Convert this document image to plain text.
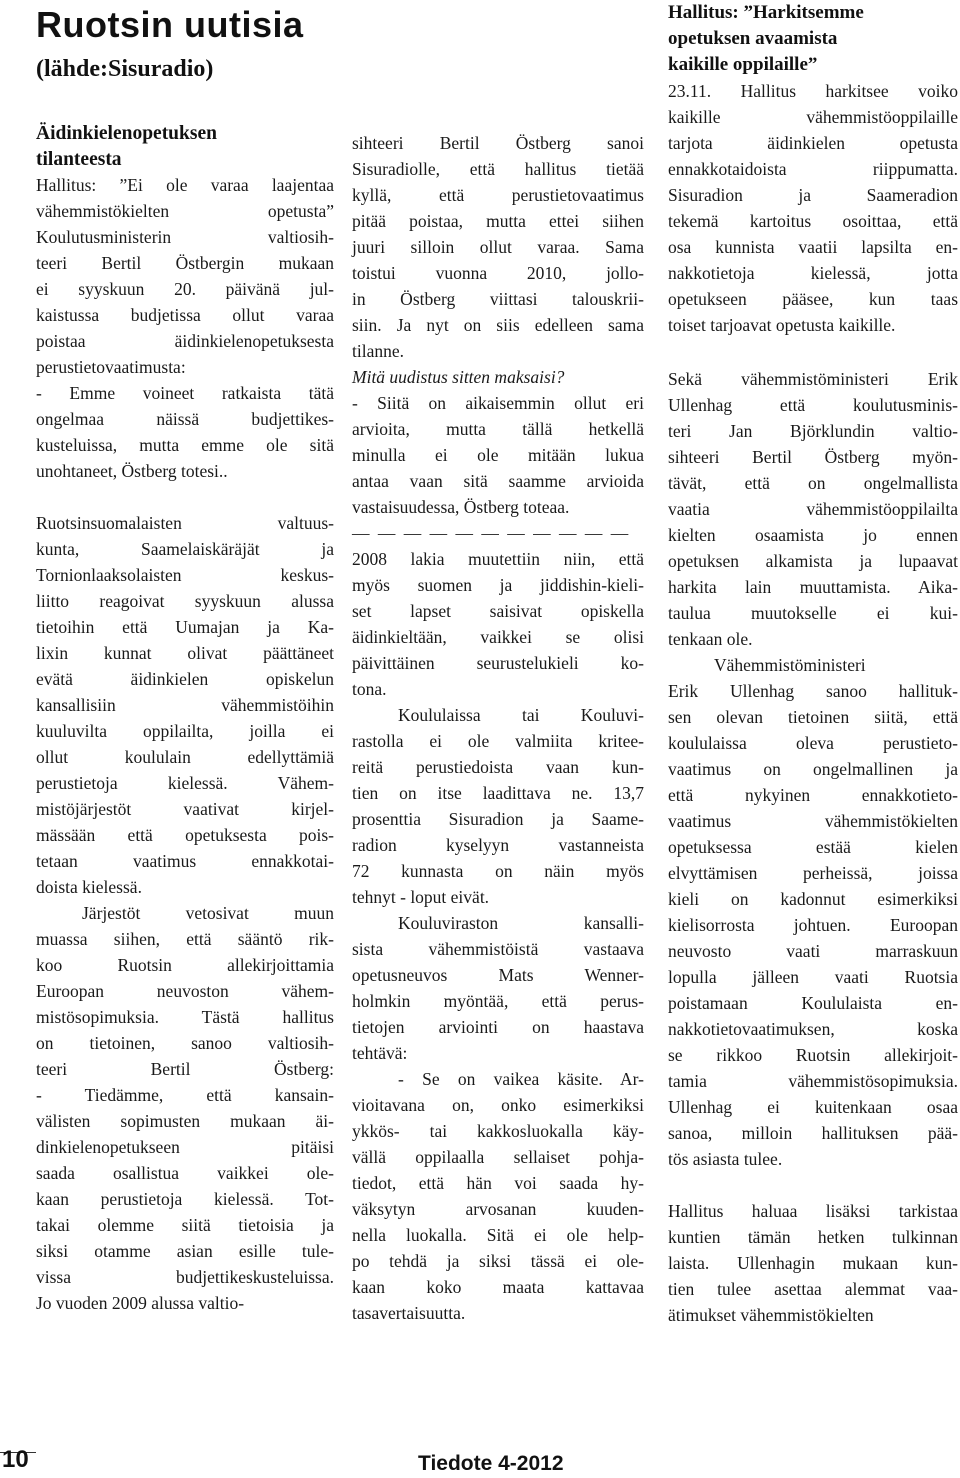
Ruotsin uutisia
(lähde:Sisuradio)

Äidinkielenopetuksen
tilanteesta

Hallitus: ”Ei ole varaa laajentaa
vähemmistökielten opetusta”
Koulutusministerin valtiosih-
teeri Bertil Östbergin mukaan
ei syyskuun 20. päivänä jul-
kaistussa budjetissa ollut varaa
poistaa äidinkielenopetuksesta
perustietovaatimusta:
- Emme voineet ratkaista tätä
ongelmaa näissä budjettikes-
kusteluissa, mutta emme ole sitä
unohtaneet, Östberg totesi..
Ruotsinsuomalaisten valtuus-
kunta, Saamelaiskäräjät ja
Tornionlaaksolaisten keskus-
liitto reagoivat syyskuun alussa
tietoihin että Uumajan ja Ka-
lixin kunnat olivat päättäneet
evätä äidinkielen opiskelun
kansallisiin vähemmistöihin
kuuluvilta oppilailta, joilla ei
ollut koululain edellyttämiä
perustietoja kielessä. Vähem-
mistöjärjestöt vaativat kirjel-
mässään että opetuksesta pois-
tetaan vaatimus ennakkotai-
doista kielessä.
Järjestöt vetosivat muun
muassa siihen, että sääntö rik-
koo Ruotsin allekirjoittamia
Euroopan neuvoston vähem-
mistösopimuksia. Tästä hallitus
on tietoinen, sanoo valtiosih-
teeri Bertil Östberg:
- Tiedämme, että kansain-
välisten sopimusten mukaan äi-
dinkielenopetukseen pitäisi
saada osallistua vaikkei ole-
kaan perustietoja kielessä. Tot-
takai olemme siitä tietoisia ja
siksi otamme asian esille tule-
vissa budjettikeskusteluissa.
Jo vuoden 2009 alussa valtio-
sihteeri Bertil Östberg sanoi
Sisuradiolle, että hallitus tietää
kyllä, että perustietovaatimus
pitää poistaa, mutta ettei siihen
juuri silloin ollut varaa. Sama
toistui vuonna 2010, jollo-
in Östberg viittasi talouskrii-
siin. Ja nyt on siis edelleen sama
tilanne.

Mitä uudistus sitten maksaisi?

- Siitä on aikaisemmin ollut eri
arvioita, mutta tällä hetkellä
minulla ei ole mitään lukua
antaa vaan sitä saamme arvioida
vastaisuudessa, Östberg toteaa.
— — — — — — — — — — —
2008 lakia muutettiin niin, että
myös suomen ja jiddishin-kieli-
set lapset saisivat opiskella
äidinkieltään, vaikkei se olisi
päivittäinen seurustelukieli ko-
tona.
Koululaissa tai Kouluvi-
rastolla ei ole valmiita kritee-
reitä perustiedoista vaan kun-
tien on itse laadittava ne. 13,7
prosenttia Sisuradion ja Saame-
radion kyselyyn vastanneista
72 kunnasta on näin myös
tehnyt - loput eivät.
Kouluviraston kansalli-
sista vähemmistöistä vastaava
opetusneuvos Mats Wenner-
holmkin myöntää, että perus-
tietojen arviointi on haastava
tehtävä:
- Se on vaikea käsite. Ar-
vioitavana on, onko esimerkiksi
ykkös- tai kakkosluokalla käy-
vällä oppilaalla sellaiset pohja-
tiedot, että hän voi saada hy-
väksytyn arvosanan kuuden-
nella luokalla. Sitä ei ole help-
po tehdä ja siksi tässä ei ole-
kaan koko maata kattavaa
tasavertaisuutta.

Hallitus: ”Harkitsemme
opetuksen avaamista
kaikille oppilaille”

23.11. Hallitus harkitsee voiko
kaikille vähemmistöoppilaille
tarjota äidinkielen opetusta
ennakkotaidoista riippumatta.
Sisuradion ja Saameradion
tekemä kartoitus osoittaa, että
osa kunnista vaatii lapsilta en-
nakkotietoja kielessä, jotta
opetukseen pääsee, kun taas
toiset tarjoavat opetusta kaikille.
Sekä vähemmistöministeri Erik
Ullenhag että koulutusminis-
teri Jan Björklundin valtio-
sihteeri Bertil Östberg myön-
tävät, että on ongelmallista
vaatia vähemmistöoppilailta
kielten osaamista jo ennen
opetuksen alkamista ja lupaavat
harkita lain muuttamista. Aika-
taulua muutokselle ei kui-
tenkaan ole.
Vähemmistöministeri
Erik Ullenhag sanoo hallituk-
sen olevan tietoinen siitä, että
koululaissa oleva perustieto-
vaatimus on ongelmallinen ja
että nykyinen ennakkotieto-
vaatimus vähemmistökielten
opetuksessa estää kielen
elvyttämisen perheissä, joissa
kieli on kadonnut esimerkiksi
kielisorrosta johtuen. Euroopan
neuvosto vaati marraskuun
lopulla jälleen vaati Ruotsia
poistamaan Koululaista en-
nakkotietovaatimuksen, koska
se rikkoo Ruotsin allekirjoit-
tamia vähemmistösopimuksia.
Ullenhag ei kuitenkaan osaa
sanoa, milloin hallituksen pää-
tös asiasta tulee.
Hallitus haluaa lisäksi tarkistaa
kuntien tämän hetken tulkinnan
laista. Ullenhagin mukaan kun-
tien tulee asettaa alemmat vaa-
ätimukset vähemmistökielten
10	Tiedote 4-2012
